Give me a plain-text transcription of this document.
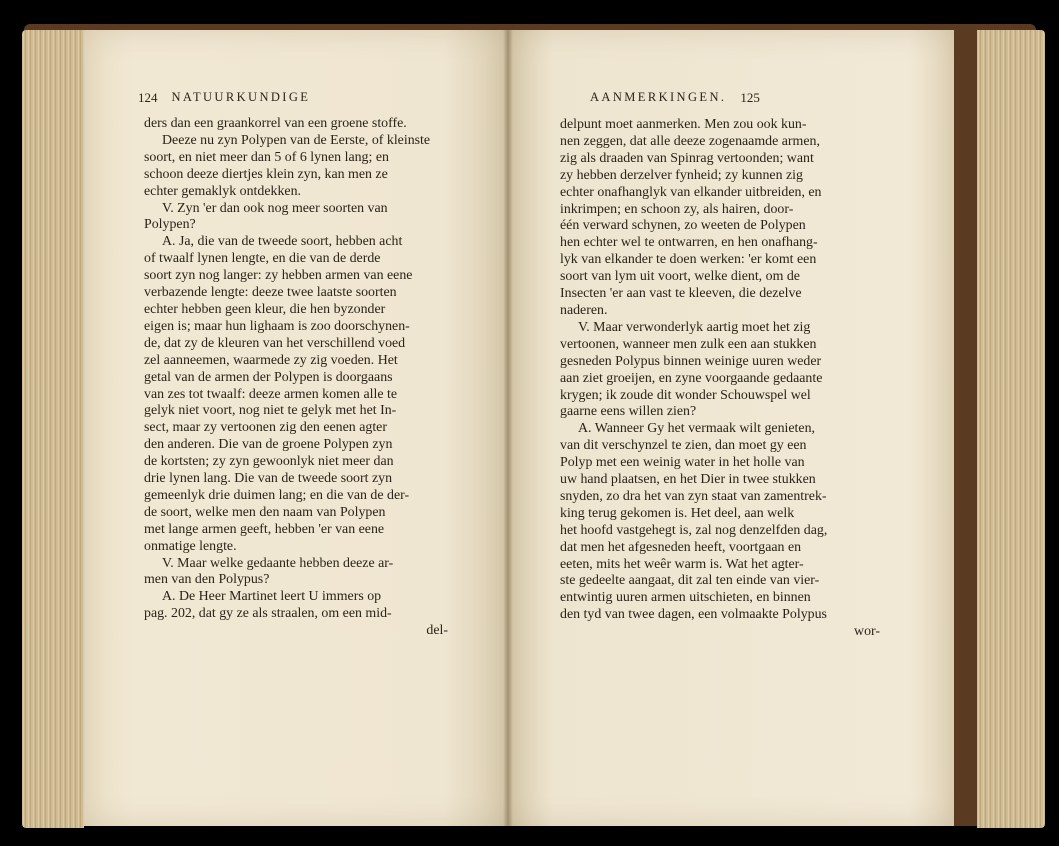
124 NATUURKUNDIGE
ders dan een graankorrel van een groene stoffe.
Deeze nu zyn Polypen van de Eerste, of kleinste
soort, en niet meer dan 5 of 6 lynen lang; en
schoon deeze diertjes klein zyn, kan men ze
echter gemaklyk ontdekken.
V. Zyn 'er dan ook nog meer soorten van
Polypen?
A. Ja, die van de tweede soort, hebben acht
of twaalf lynen lengte, en die van de derde
soort zyn nog langer: zy hebben armen van eene
verbazende lengte: deeze twee laatste soorten
echter hebben geen kleur, die hen byzonder
eigen is; maar hun lighaam is zoo doorschynen-
de, dat zy de kleuren van het verschillend voed
zel aanneemen, waarmede zy zig voeden. Het
getal van de armen der Polypen is doorgaans
van zes tot twaalf: deeze armen komen alle te
gelyk niet voort, nog niet te gelyk met het In-
sect, maar zy vertoonen zig den eenen agter
den anderen. Die van de groene Polypen zyn
de kortsten; zy zyn gewoonlyk niet meer dan
drie lynen lang. Die van de tweede soort zyn
gemeenlyk drie duimen lang; en die van de der-
de soort, welke men den naam van Polypen
met lange armen geeft, hebben 'er van eene
onmatige lengte.
V. Maar welke gedaante hebben deeze ar-
men van den Polypus?
A. De Heer Martinet leert U immers op
pag. 202, dat gy ze als straalen, om een mid-
del-
AANMERKINGEN. 125
delpunt moet aanmerken. Men zou ook kun-
nen zeggen, dat alle deeze zogenaamde armen,
zig als draaden van Spinrag vertoonden; want
zy hebben derzelver fynheid; zy kunnen zig
echter onafhanglyk van elkander uitbreiden, en
inkrimpen; en schoon zy, als hairen, door-
één verward schynen, zo weeten de Polypen
hen echter wel te ontwarren, en hen onafhang-
lyk van elkander te doen werken: 'er komt een
soort van lym uit voort, welke dient, om de
Insecten 'er aan vast te kleeven, die dezelve
naderen.
V. Maar verwonderlyk aartig moet het zig
vertoonen, wanneer men zulk een aan stukken
gesneden Polypus binnen weinige uuren weder
aan ziet groeijen, en zyne voorgaande gedaante
krygen; ik zoude dit wonder Schouwspel wel
gaarne eens willen zien?
A. Wanneer Gy het vermaak wilt genieten,
van dit verschynzel te zien, dan moet gy een
Polyp met een weinig water in het holle van
uw hand plaatsen, en het Dier in twee stukken
snyden, zo dra het van zyn staat van zamentrek-
king terug gekomen is. Het deel, aan welk
het hoofd vastgehegt is, zal nog denzelfden dag,
dat men het afgesneden heeft, voortgaan en
eeten, mits het weêr warm is. Wat het agter-
ste gedeelte aangaat, dit zal ten einde van vier-
entwintig uuren armen uitschieten, en binnen
den tyd van twee dagen, een volmaakte Polypus
wor-
